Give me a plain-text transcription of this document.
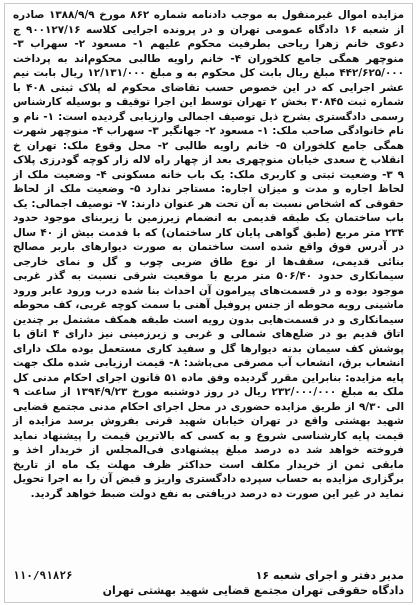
مزایده اموال غیرمنقول به موجب دادنامه شماره ۸۶۲ مورخ ۱۳۸۸/۹/۹ صادره از شعبه ۱۶ دادگاه عمومی تهران و در پرونده اجرایی کلاسه ۹۰۰۱۲۷/۱۶ ج دعوی خانم زهرا ریاحی بطرفیت محکوم علیهم ۱- مسعود ۲- سهراب ۳- منوچهر همگی جامع کلخوران ۴- خانم راویه طالبی محکوم‌اند به پرداخت ۴۴۲/۶۲۵/۰۰۰ مبلغ ریال بابت کل محکوم به و مبلغ ۱۲/۱۳۱/۰۰۰ ریال بابت نیم عشر اجرایی که در این خصوص حسب تقاضای محکوم له پلاک ثبتی ۴۰۸ با شماره ثبت ۳۰۸۴۵ بخش ۲ تهران توسط این اجرا توقیف و بوسیله کارشناس رسمی دادگستری بشرح ذیل توصیف اجمالی وارزیابی گردیده است: ۱- نام و نام خانوادگی صاحب ملک: ۱- مسعود ۲- جهانگیر ۳- سهراب ۴- منوچهر شهرت همگی جامع کلخوران ۵- خانم راویه طالبی ۲- محل وقوع ملک: تهران خ انقلاب خ سعدی خیابان منوچهری بعد از چهار راه لاله زار کوچه گودرزی پلاک ۹ ۳- وضعیت ثبتی و کاربری ملک: یک باب خانه مسکونی ۴- وضعیت ملک از لحاظ اجاره و مدت و میزان اجاره: مستاجر ندارد ۵- وضعیت ملک از لحاظ حقوقی که اشخاص نسبت به آن تحت هر عنوان دارند: ۷- توصیف اجمالی: یک باب ساختمان یک طبقه قدیمی به انضمام زیرزمین با زیربنای موجود حدود ۲۳۴ متر مربع (طبق گواهی پایان کار ساختمان) که با قدمت بیش از ۴۰ سال در آدرس فوق واقع شده است ساختمان به صورت دیوارهای باربر مصالح بنائی قدیمی، سقف‌ها از نوع طاق ضربی چوب و گل و نمای خارجی سیمانکاری حدود ۵۰۶/۴۰ متر مربع با موقعیت شرقی نسبت به گذر غربی موجود بوده و در قسمت‌های پیرامون آن احداث بنا شده درب ورود عابر ورود ماشینی رویه محوطه از جنس پروفیل آهنی با سمت کوچه غربی، کف محوطه سیمانکاری و در قسمت‌هایی بدون رویه است طبقه همکف مشتمل بر چندین اتاق قدیم بو در ضلع‌های شمالی و غربی و زیرزمینی نیز دارای ۴ اتاق با پوشش کف سیمان بدنه دیوارها گل و سفید کاری مستعمل بوده ملک دارای انشعاب برق، انشعاب آب مصرفی می‌باشد: ۸- قیمت ارزیابی شده ملک جهت پایه مزایده: بنابراین مقرر گردیده وفق ماده ۵۱ قانون اجرای احکام مدنی کل ملک به مبلغ ۲۳۲/۰۰۰/۰۰۰ ریال در روز دوشنبه مورخ ۱۳۹۴/۹/۲۳ از ساعت ۹ الی ۹/۳۰ از طریق مزایده حضوری در محل اجرای احکام مدنی مجتمع قضایی شهید بهشتی واقع در تهران خیابان شهید قرنی بفروش برسد مزایده از قیمت پایه کارشناسی شروع و به کسی که بالاترین قیمت را پیشنهاد نماید فروخته خواهد شد ده درصد مبلغ پیشنهادی فی‌المجلس از خریدار اخذ و مابقی ثمن از خریدار مکلف است حداکثر ظرف مهلت یک ماه از تاریخ برگزاری مزایده به حساب سپرده دادگستری واریز و قبض آن را به اجرا تحویل نماید در غیر این صورت ده درصد دریافتی به نفع دولت ضبط خواهد گردید.

مدیر دفتر و اجرای شعبه ۱۶
۱۱۰/۹۱۸۲۶
دادگاه حقوقی تهران مجتمع قضایی شهید بهشتی تهران
